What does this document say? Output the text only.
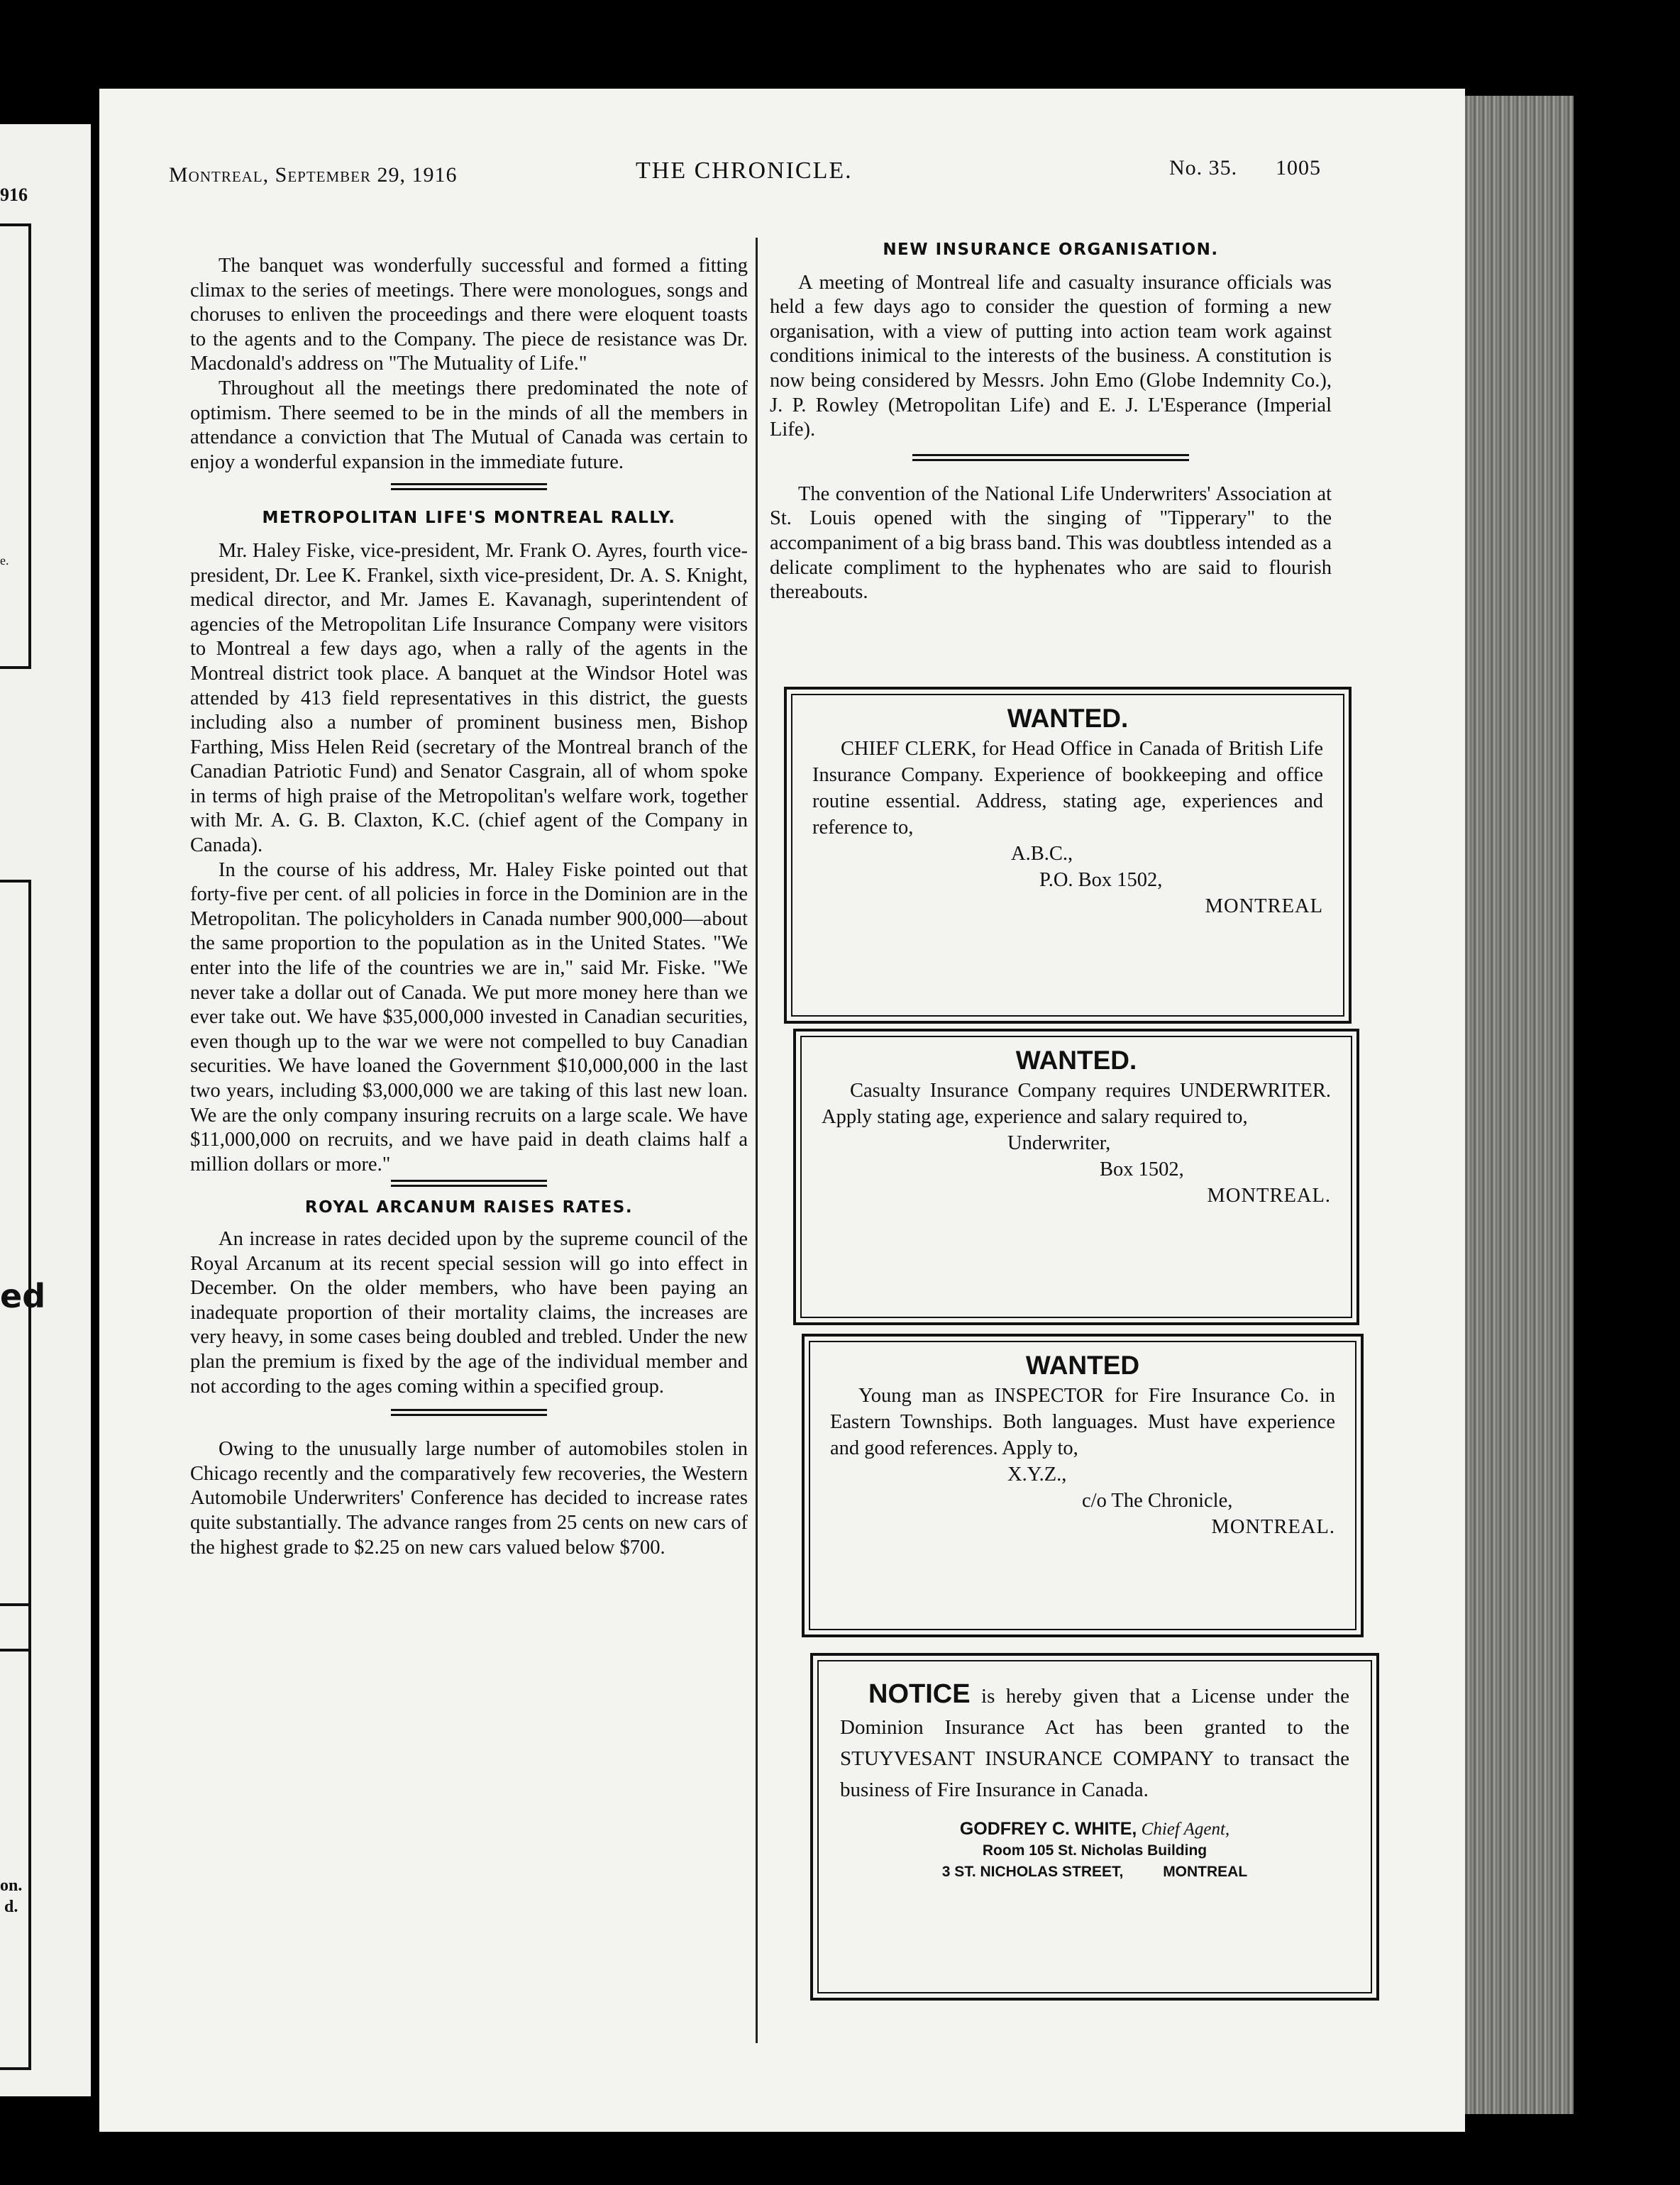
916
e.
ed
on.
d.
Montreal, September 29, 1916	THE CHRONICLE.	No. 35. 1005

The banquet was wonderfully successful and formed a fitting climax to the series of meetings. There were monologues, songs and choruses to enliven the proceedings and there were eloquent toasts to the agents and to the Company. The piece de resistance was Dr. Macdonald's address on "The Mutuality of Life."

Throughout all the meetings there predominated the note of optimism. There seemed to be in the minds of all the members in attendance a conviction that The Mutual of Canada was certain to enjoy a wonderful expansion in the immediate future.

METROPOLITAN LIFE'S MONTREAL RALLY.

Mr. Haley Fiske, vice-president, Mr. Frank O. Ayres, fourth vice-president, Dr. Lee K. Frankel, sixth vice-president, Dr. A. S. Knight, medical director, and Mr. James E. Kavanagh, superintendent of agencies of the Metropolitan Life Insurance Company were visitors to Montreal a few days ago, when a rally of the agents in the Montreal district took place. A banquet at the Windsor Hotel was attended by 413 field representatives in this district, the guests including also a number of prominent business men, Bishop Farthing, Miss Helen Reid (secretary of the Montreal branch of the Canadian Patriotic Fund) and Senator Casgrain, all of whom spoke in terms of high praise of the Metropolitan's welfare work, together with Mr. A. G. B. Claxton, K.C. (chief agent of the Company in Canada).

In the course of his address, Mr. Haley Fiske pointed out that forty-five per cent. of all policies in force in the Dominion are in the Metropolitan. The policyholders in Canada number 900,000—about the same proportion to the population as in the United States. "We enter into the life of the countries we are in," said Mr. Fiske. "We never take a dollar out of Canada. We put more money here than we ever take out. We have $35,000,000 invested in Canadian securities, even though up to the war we were not compelled to buy Canadian securities. We have loaned the Government $10,000,000 in the last two years, including $3,000,000 we are taking of this last new loan. We are the only company insuring recruits on a large scale. We have $11,000,000 on recruits, and we have paid in death claims half a million dollars or more."

ROYAL ARCANUM RAISES RATES.

An increase in rates decided upon by the supreme council of the Royal Arcanum at its recent special session will go into effect in December. On the older members, who have been paying an inadequate proportion of their mortality claims, the increases are very heavy, in some cases being doubled and trebled. Under the new plan the premium is fixed by the age of the individual member and not according to the ages coming within a specified group.

Owing to the unusually large number of automobiles stolen in Chicago recently and the comparatively few recoveries, the Western Automobile Underwriters' Conference has decided to increase rates quite substantially. The advance ranges from 25 cents on new cars of the highest grade to $2.25 on new cars valued below $700.

NEW INSURANCE ORGANISATION.

A meeting of Montreal life and casualty insurance officials was held a few days ago to consider the question of forming a new organisation, with a view of putting into action team work against conditions inimical to the interests of the business. A constitution is now being considered by Messrs. John Emo (Globe Indemnity Co.), J. P. Rowley (Metropolitan Life) and E. J. L'Esperance (Imperial Life).

The convention of the National Life Underwriters' Association at St. Louis opened with the singing of "Tipperary" to the accompaniment of a big brass band. This was doubtless intended as a delicate compliment to the hyphenates who are said to flourish thereabouts.

WANTED.
CHIEF CLERK, for Head Office in Canada of British Life Insurance Company. Experience of bookkeeping and office routine essential. Address, stating age, experiences and reference to,
A.B.C.,
P.O. Box 1502,
MONTREAL
WANTED.
Casualty Insurance Company requires UNDERWRITER. Apply stating age, experience and salary required to,
Underwriter,
Box 1502,
MONTREAL.
WANTED
Young man as INSPECTOR for Fire Insurance Co. in Eastern Townships. Both languages. Must have experience and good references. Apply to,
X.Y.Z.,
c/o The Chronicle,
MONTREAL.
NOTICE is hereby given that a License under the Dominion Insurance Act has been granted to the STUYVESANT INSURANCE COMPANY to transact the business of Fire Insurance in Canada.
GODFREY C. WHITE, Chief Agent,
Room 105 St. Nicholas Building
3 ST. NICHOLAS STREET,	MONTREAL
